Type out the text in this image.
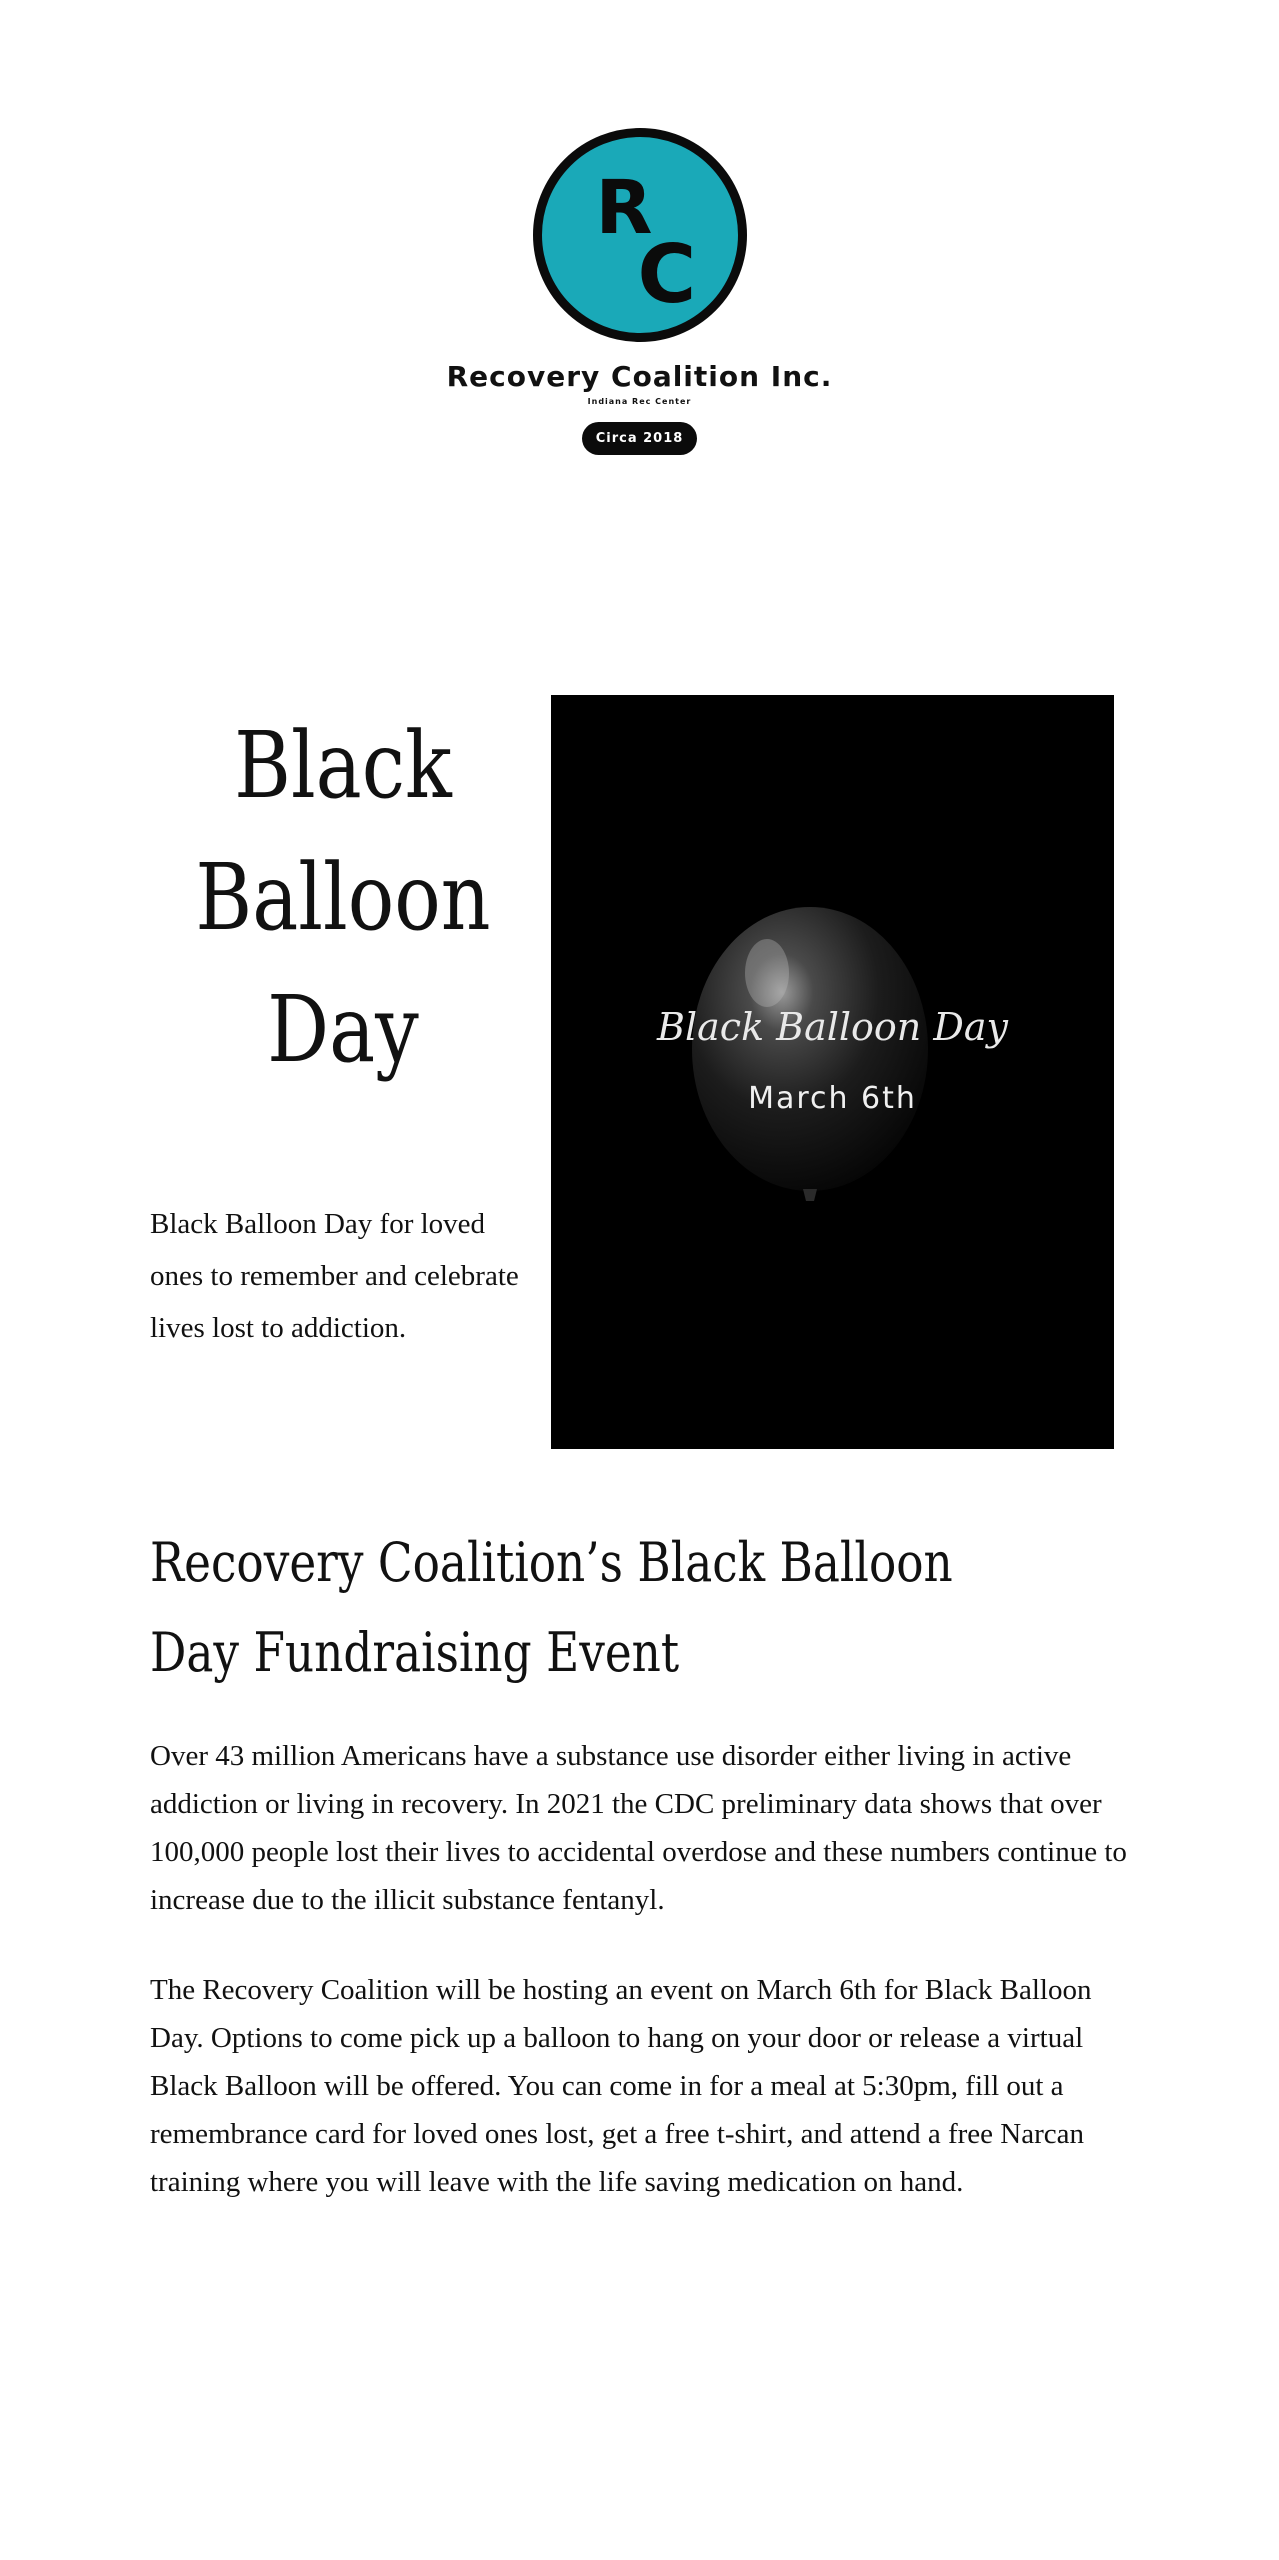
R
C
Recovery Coalition Inc.
Indiana Rec Center
Circa 2018
Black Balloon Day

Black Balloon Day for loved ones to remember and celebrate lives lost to addiction.

Black Balloon Day
March 6th
Recovery Coalition’s Black Balloon Day Fundraising Event

Over 43 million Americans have a substance use disorder either living in active addiction or living in recovery. In 2021 the CDC preliminary data shows that over 100,000 people lost their lives to accidental overdose and these numbers continue to increase due to the illicit substance fentanyl.

The Recovery Coalition will be hosting an event on March 6th for Black Balloon Day. Options to come pick up a balloon to hang on your door or release a virtual Black Balloon will be offered. You can come in for a meal at 5:30pm, fill out a remembrance card for loved ones lost, get a free t-shirt, and attend a free Narcan training where you will leave with the life saving medication on hand.
